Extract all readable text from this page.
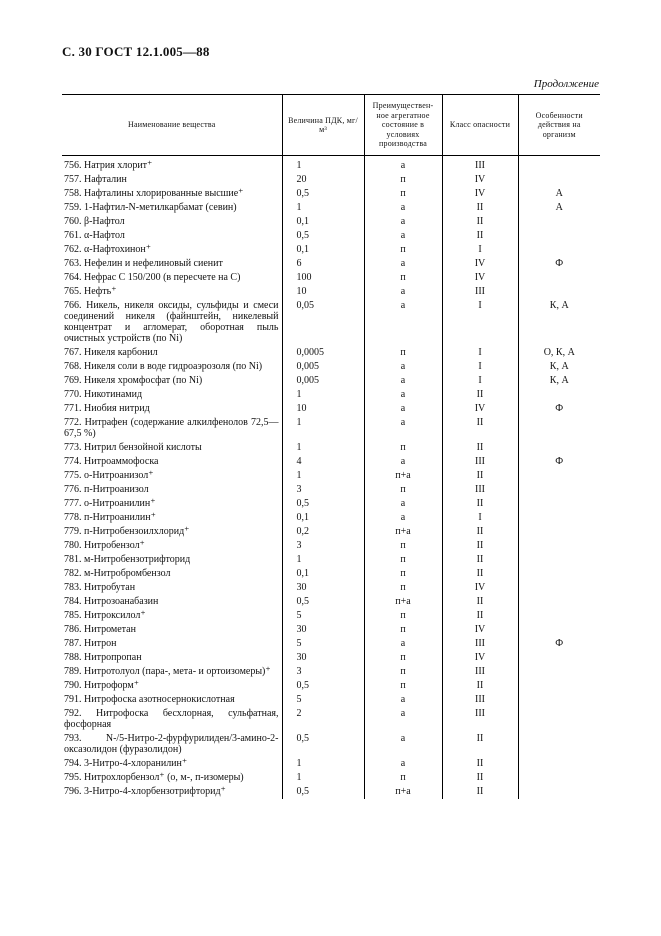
С. 30 ГОСТ 12.1.005—88
Продолжение
Наименование вещества	Величина ПДК, мг/м³	Преимуществен-ное агрегатное состояние в условиях производства	Класс опасности	Особенности действия на организм
756. Натрия хлорит⁺	1	а	III	
757. Нафталин	20	п	IV	
758. Нафталины хлорированные высшие⁺	0,5	п	IV	А
759. 1-Нафтил-N-метилкарбамат (севин)	1	а	II	А
760. β-Нафтол	0,1	а	II	
761. α-Нафтол	0,5	а	II	
762. α-Нафтохинон⁺	0,1	п	I	
763. Нефелин и нефелиновый сиенит	6	а	IV	Ф
764. Нефрас С 150/200 (в пересчете на С)	100	п	IV	
765. Нефть⁺	10	а	III	
766. Никель, никеля оксиды, сульфиды и смеси соединений никеля (файнштейн, никелевый концентрат и агломерат, оборотная пыль очистных устройств (по Ni)	0,05	а	I	К, А
767. Никеля карбонил	0,0005	п	I	О, К, А
768. Никеля соли в воде гидроаэрозоля (по Ni)	0,005	а	I	К, А
769. Никеля хромфосфат (по Ni)	0,005	а	I	К, А
770. Никотинамид	1	а	II	
771. Ниобия нитрид	10	а	IV	Ф
772. Нитрафен (содержание алкилфенолов 72,5—67,5 %)	1	а	II	
773. Нитрил бензойной кислоты	1	п	II	
774. Нитроаммофоска	4	а	III	Ф
775. о-Нитроанизол⁺	1	п+а	II	
776. п-Нитроанизол	3	п	III	
777. о-Нитроанилин⁺	0,5	а	II	
778. п-Нитроанилин⁺	0,1	а	I	
779. п-Нитробензоилхлорид⁺	0,2	п+а	II	
780. Нитробензол⁺	3	п	II	
781. м-Нитробензотрифторид	1	п	II	
782. м-Нитробромбензол	0,1	п	II	
783. Нитробутан	30	п	IV	
784. Нитрозоанабазин	0,5	п+а	II	
785. Нитроксилол⁺	5	п	II	
786. Нитрометан	30	п	IV	
787. Нитрон	5	а	III	Ф
788. Нитропропан	30	п	IV	
789. Нитротолуол (пара-, мета- и ортоизомеры)⁺	3	п	III	
790. Нитроформ⁺	0,5	п	II	
791. Нитрофоска азотносернокислотная	5	а	III	
792. Нитрофоска бесхлорная, сульфатная, фосфорная	2	а	III	
793. N-/5-Нитро-2-фурфурилиден/3-амино-2-оксазолидон (фуразолидон)	0,5	а	II	
794. 3-Нитро-4-хлоранилин⁺	1	а	II	
795. Нитрохлорбензол⁺ (о, м-, п-изомеры)	1	п	II	
796. 3-Нитро-4-хлорбензотрифторид⁺	0,5	п+а	II	
